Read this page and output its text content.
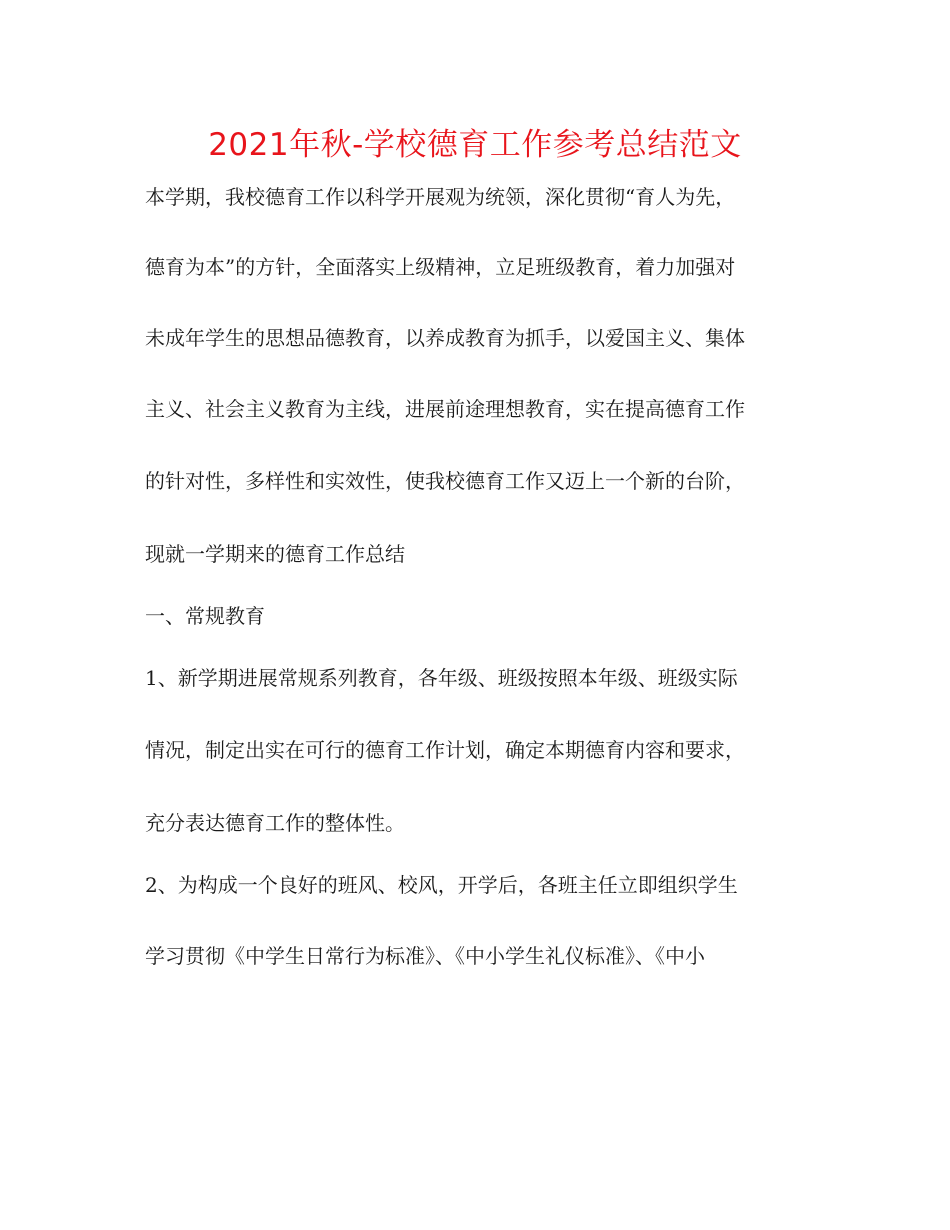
2021年秋-学校德育工作参考总结范文
本学期，我校德育工作以科学开展观为统领，深化贯彻“育人为先，
德育为本”的方针，全面落实上级精神，立足班级教育，着力加强对
未成年学生的思想品德教育，以养成教育为抓手，以爱国主义、集体
主义、社会主义教育为主线，进展前途理想教育，实在提高德育工作
的针对性，多样性和实效性，使我校德育工作又迈上一个新的台阶，
现就一学期来的德育工作总结
一、常规教育
1、新学期进展常规系列教育，各年级、班级按照本年级、班级实际
情况，制定出实在可行的德育工作计划，确定本期德育内容和要求，
充分表达德育工作的整体性。
2、为构成一个良好的班风、校风，开学后，各班主任立即组织学生
学习贯彻《中学生日常行为标准》、《中小学生礼仪标准》、《中小
